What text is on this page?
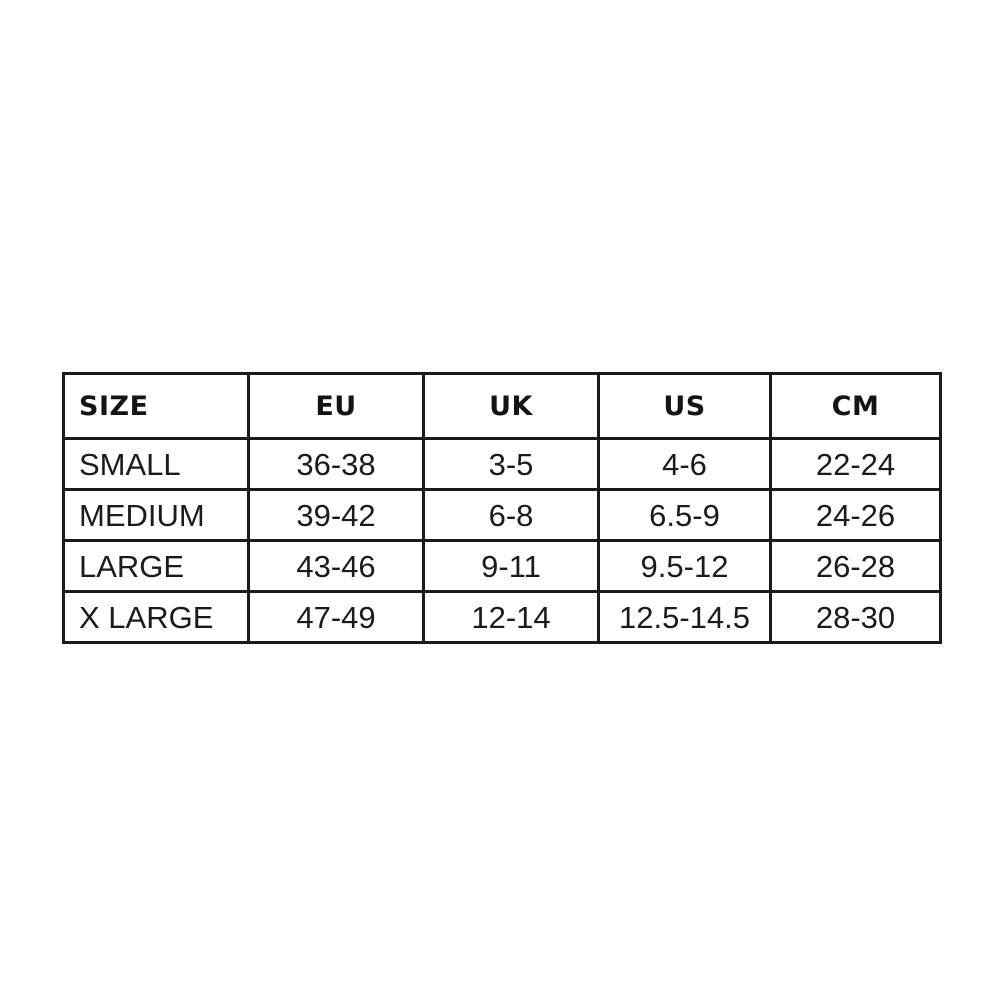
SIZE	EU	UK	US	CM

SMALL	36-38	3-5	4-6	22-24

MEDIUM	39-42	6-8	6.5-9	24-26

LARGE	43-46	9-11	9.5-12	26-28

X LARGE	47-49	12-14	12.5-14.5	28-30
